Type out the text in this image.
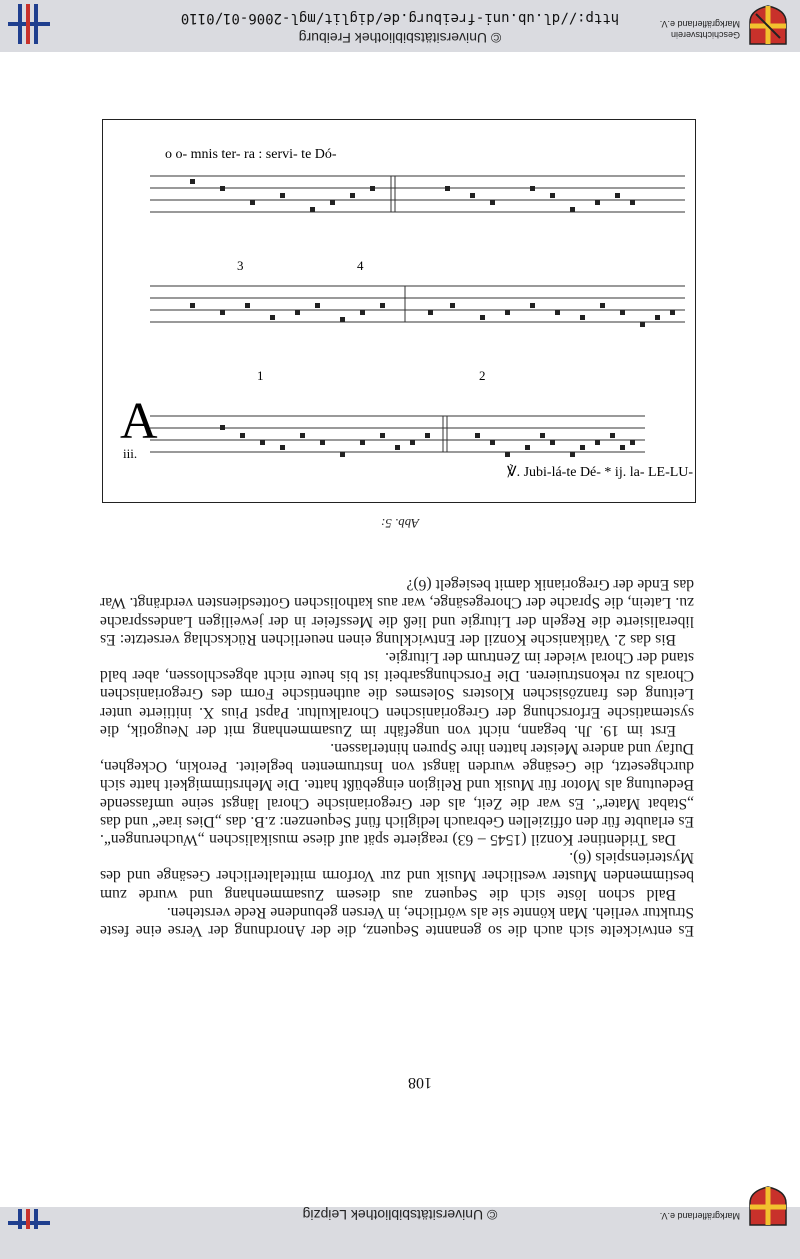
Geschichtsverein
Markgräflerland e.V.
© Universitätsbibliothek Freiburg
http://dl.ub.uni-freiburg.de/diglit/mgl-2006-01/0110
© Universitätsbibliothek Leipzig	Markgräflerland e.V.
℣. Jubi-lá-te Dé- * ij. la- LE-LU- I-
o o- mnis ter- ra : servi- te Dó-
A
iii.
1	2
3	4
Abb. 5:

Es entwickelte sich auch die so genannte Sequenz, die der Anordnung der Verse eine feste Struktur verlieh. Man könnte sie als wörtliche, in Versen gebundene Rede verstehen.

Bald schon löste sich die Sequenz aus diesem Zusammenhang und wurde zum bestimmenden Muster westlicher Musik und zur Vorform mittelalterlicher Gesänge und des Mysterienspiels (6).

Das Tridentiner Konzil (1545 – 63) reagierte spät auf diese musikalischen „Wucherungen“. Es erlaubte für den offiziellen Gebrauch lediglich fünf Sequenzen: z.B. das „Dies irae“ und das „Stabat Mater“. Es war die Zeit, als der Gregorianische Choral längst seine umfassende Bedeutung als Motor für Musik und Religion eingebüßt hatte. Die Mehrstimmigkeit hatte sich durchgesetzt, die Gesänge wurden längst von Instrumenten begleitet. Perokin, Ockeghen, Dufay und andere Meister hatten ihre Spuren hinterlassen.

Erst im 19. Jh. begann, nicht von ungefähr im Zusammenhang mit der Neugotik, die systematische Erforschung der Gregorianischen Choralkultur. Papst Pius X. initiierte unter Leitung des französischen Klosters Solesmes die authentische Form des Gregorianischen Chorals zu rekonstruieren. Die Forschungsarbeit ist bis heute nicht abgeschlossen, aber bald stand der Choral wieder im Zentrum der Liturgie.

Bis das 2. Vatikanische Konzil der Entwicklung einen neuerlichen Rückschlag versetzte: Es liberalisierte die Regeln der Liturgie und ließ die Messfeier in der jeweiligen Landessprache zu. Latein, die Sprache der Choregesänge, war aus katholischen Gottesdiensten verdrängt. War das Ende der Gregorianik damit besiegelt (6)?

108
